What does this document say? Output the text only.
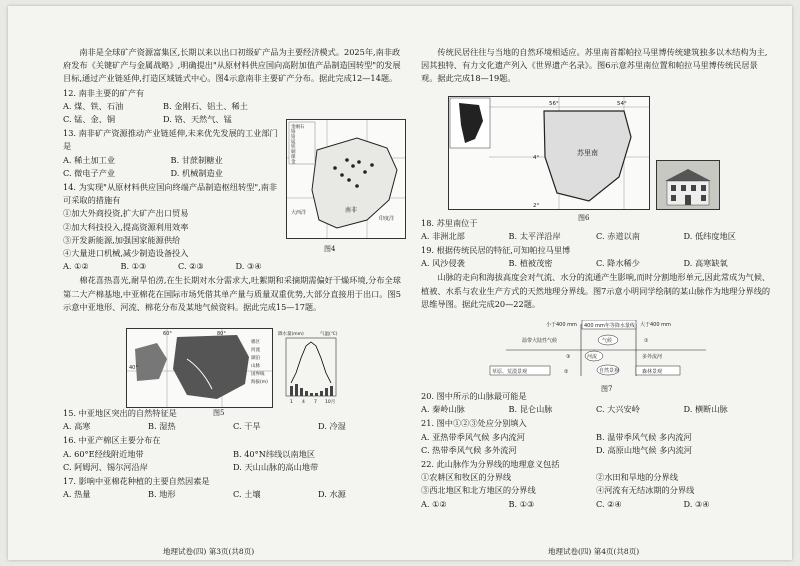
南非是全球矿产资源富集区,长期以来以出口初级矿产品为主要经济模式。2025年,南非政府发布《关键矿产与金属战略》,明确提出"从原材料供应国向高附加值产品制造国转型"的发展目标,通过产业链延伸,打造区域链式中心。图4示意南非主要矿产分布。据此完成12—14题。

12. 南非主要的矿产有

A. 煤、铁、石油	B. 金刚石、铝土、稀土
C. 锰、金、铜	D. 铬、天然气、锰

13. 南非矿产资源推动产业链延伸,未来优先发展的工业部门是

A. 稀土加工业	B. 甘蔗制糖业
C. 微电子产业	D. 机械制造业

14. 为实现"从原材料供应国向终端产品制造枢纽转型",南非可采取的措施有

①加大外商投资,扩大矿产出口贸易

②加大科技投入,提高资源利用效率

③开发新能源,加强国家能源供给

④大量进口机械,减少制造设备投入

A. ①②	B. ①③	C. ②③	D. ③④

棉花喜热喜光,耐旱怕涝,在生长期对水分需求大,吐絮期和采摘期需偏好干燥环境,分布全球第二大产棉基地,中亚棉花在国际市场凭借其单产量与质量双重优势,大部分直接用于出口。图5示意中亚地形、河流、棉花分布及某地气候资料。据此完成15—17题。

15. 中亚地区突出的自然特征是

A. 高寒	B. 湿热	C. 干旱	D. 冷湿

16. 中亚产棉区主要分布在

A. 60°E经线附近地带	B. 40°N纬线以南地区
C. 阿姆河、锡尔河沿岸	D. 天山山脉的高山地带

17. 影响中亚棉花种植的主要自然因素是

A. 热量	B. 地形	C. 土壤	D. 水源
大西洋
印度洋
南非
金刚石
铬
铂
锰
铁
铜
煤
金
图4
40°
60°	80°
棉区
河流
湖泊
山脉
国界线
海拔(m)
降水量(mm)	气温(℃)
1 4 7 10月
图5
地理试卷(四) 第3页(共8页)

传统民居往往与当地的自然环境相适应。苏里南首都帕拉马里博传统建筑独多以木结构为主,因其独特、有力文化遗产列入《世界遗产名录》。图6示意苏里南位置和帕拉马里博传统民居景观。据此完成18—19题。

18. 苏里南位于

A. 非洲北部	B. 太平洋沿岸	C. 赤道以南	D. 低纬度地区

19. 根据传统民居的特征,可知帕拉马里博

A. 风沙侵袭	B. 植被茂密	C. 降水稀少	D. 高寒缺氧

山脉的走向和海拔高度会对气流、水分的流通产生影响,而时分割地形单元,因此常成为气候、植被、水系与农业生产方式的天然地理分界线。图7示意小明同学绘制的某山脉作为地理分界线的思维导图。据此完成20—22题。

20. 图中所示的山脉最可能是

A. 秦岭山脉	B. 昆仑山脉	C. 大兴安岭	D. 横断山脉

21. 图中①②③处应分别填入

A. 亚热带季风气候 多内流河	B. 温带季风气候 多内流河
C. 热带季风气候 多外流河	D. 高原山地气候 多内流河

22. 此山脉作为分界线的地理意义包括

①农耕区和牧区的分界线	②水田和旱地的分界线
③西北地区和北方地区的分界线	④河流有无结冰期的分界线
A. ①②	B. ①③	C. ②④	D. ③④
56°	54°
4°
2°
苏里南
图6
小于400 mm 400 mm年等降水量线 大于400 mm
温带大陆性气候	气候	①
河流	多外流河
③
草原、荒漠景观	自然景观	森林景观
②
图7
地理试卷(四) 第4页(共8页)
